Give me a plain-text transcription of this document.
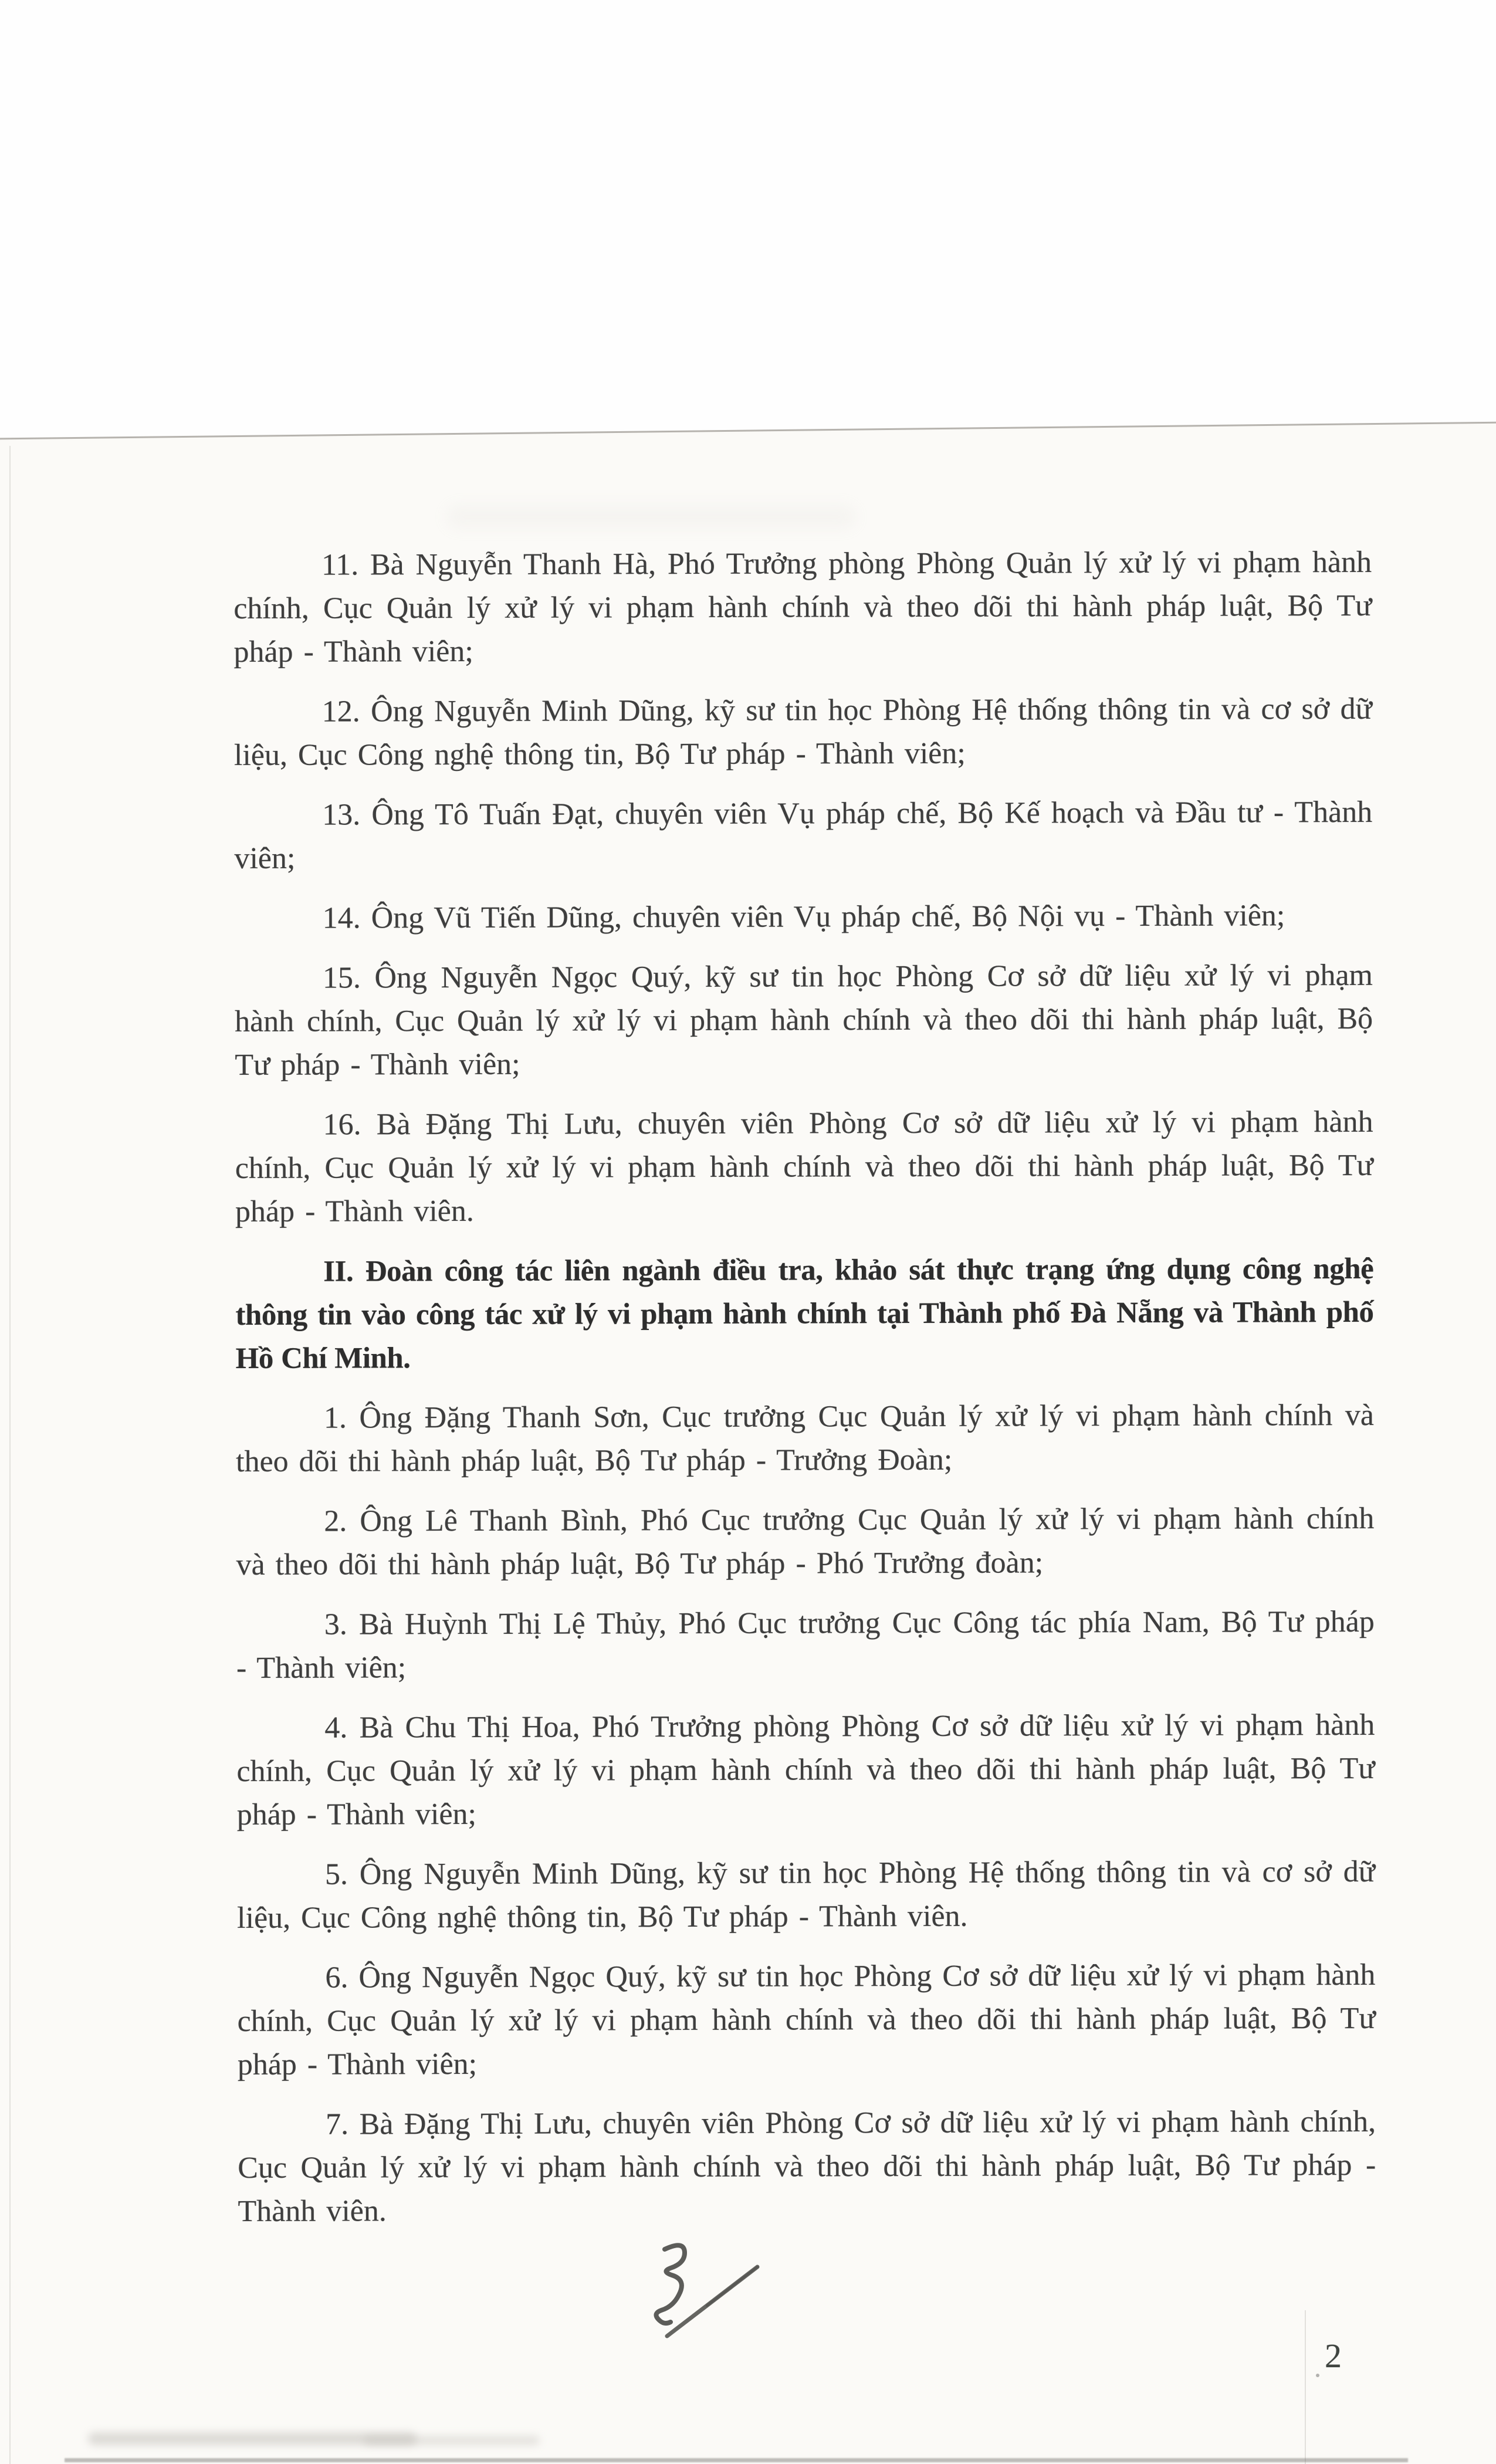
11. Bà Nguyễn Thanh Hà, Phó Trưởng phòng Phòng Quản lý xử lý vi phạm hành chính, Cục Quản lý xử lý vi phạm hành chính và theo dõi thi hành pháp luật, Bộ Tư pháp - Thành viên;

12. Ông Nguyễn Minh Dũng, kỹ sư tin học Phòng Hệ thống thông tin và cơ sở dữ liệu, Cục Công nghệ thông tin, Bộ Tư pháp - Thành viên;

13. Ông Tô Tuấn Đạt, chuyên viên Vụ pháp chế, Bộ Kế hoạch và Đầu tư - Thành viên;

14. Ông Vũ Tiến Dũng, chuyên viên Vụ pháp chế, Bộ Nội vụ - Thành viên;

15. Ông Nguyễn Ngọc Quý, kỹ sư tin học Phòng Cơ sở dữ liệu xử lý vi phạm hành chính, Cục Quản lý xử lý vi phạm hành chính và theo dõi thi hành pháp luật, Bộ Tư pháp - Thành viên;

16. Bà Đặng Thị Lưu, chuyên viên Phòng Cơ sở dữ liệu xử lý vi phạm hành chính, Cục Quản lý xử lý vi phạm hành chính và theo dõi thi hành pháp luật, Bộ Tư pháp - Thành viên.

II. Đoàn công tác liên ngành điều tra, khảo sát thực trạng ứng dụng công nghệ thông tin vào công tác xử lý vi phạm hành chính tại Thành phố Đà Nẵng và Thành phố Hồ Chí Minh.

1. Ông Đặng Thanh Sơn, Cục trưởng Cục Quản lý xử lý vi phạm hành chính và theo dõi thi hành pháp luật, Bộ Tư pháp - Trưởng Đoàn;

2. Ông Lê Thanh Bình, Phó Cục trưởng Cục Quản lý xử lý vi phạm hành chính và theo dõi thi hành pháp luật, Bộ Tư pháp - Phó Trưởng đoàn;

3. Bà Huỳnh Thị Lệ Thủy, Phó Cục trưởng Cục Công tác phía Nam, Bộ Tư pháp - Thành viên;

4. Bà Chu Thị Hoa, Phó Trưởng phòng Phòng Cơ sở dữ liệu xử lý vi phạm hành chính, Cục Quản lý xử lý vi phạm hành chính và theo dõi thi hành pháp luật, Bộ Tư pháp - Thành viên;

5. Ông Nguyễn Minh Dũng, kỹ sư tin học Phòng Hệ thống thông tin và cơ sở dữ liệu, Cục Công nghệ thông tin, Bộ Tư pháp - Thành viên.

6. Ông Nguyễn Ngọc Quý, kỹ sư tin học Phòng Cơ sở dữ liệu xử lý vi phạm hành chính, Cục Quản lý xử lý vi phạm hành chính và theo dõi thi hành pháp luật, Bộ Tư pháp - Thành viên;

7. Bà Đặng Thị Lưu, chuyên viên Phòng Cơ sở dữ liệu xử lý vi phạm hành chính, Cục Quản lý xử lý vi phạm hành chính và theo dõi thi hành pháp luật, Bộ Tư pháp - Thành viên.

2
